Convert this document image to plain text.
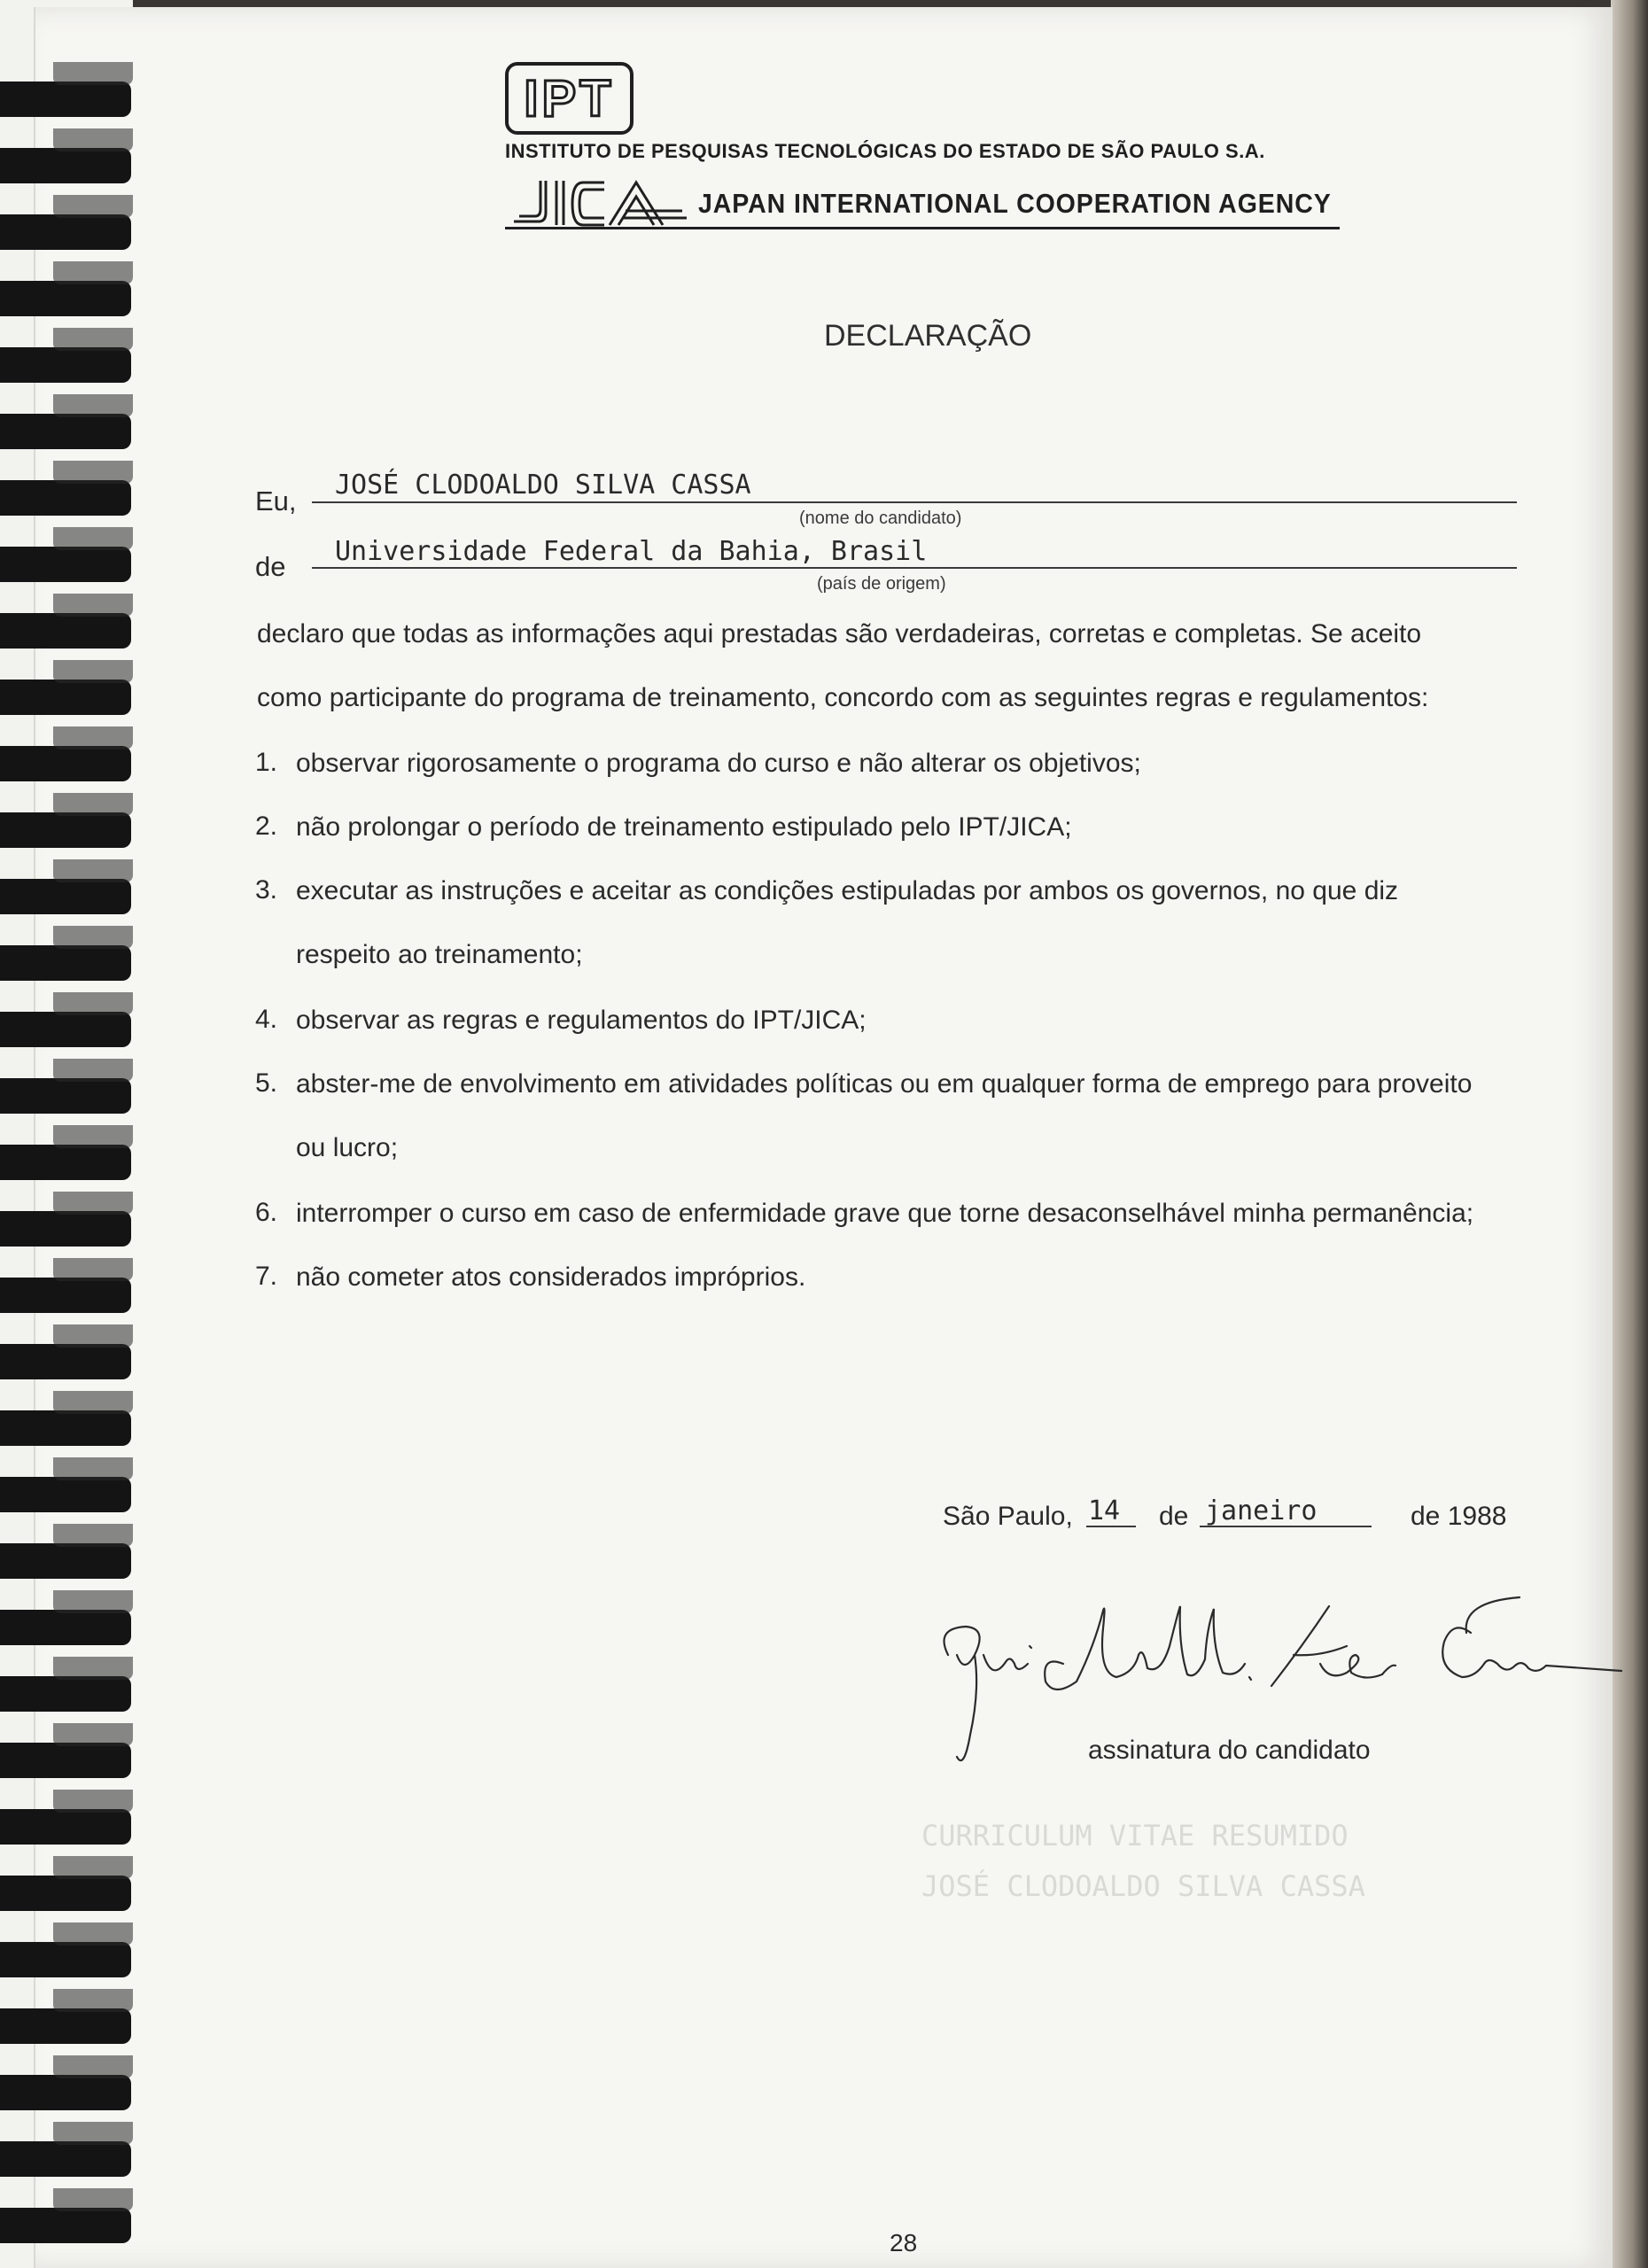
IPT
INSTITUTO DE PESQUISAS TECNOLÓGICAS DO ESTADO DE SÃO PAULO S.A.
JAPAN INTERNATIONAL COOPERATION AGENCY
DECLARAÇÃO
Eu,
JOSÉ CLODOALDO SILVA CASSA
(nome do candidato)
de Universidade Federal da Bahia, Brasil
(país de origem)
declaro que todas as informações aqui prestadas são verdadeiras, corretas e completas. Se aceito
como participante do programa de treinamento, concordo com as seguintes regras e regulamentos:
1. observar rigorosamente o programa do curso e não alterar os objetivos;
2. não prolongar o período de treinamento estipulado pelo IPT/JICA;
3. executar as instruções e aceitar as condições estipuladas por ambos os governos, no que diz
respeito ao treinamento;
4. observar as regras e regulamentos do IPT/JICA;
5. abster-me de envolvimento em atividades políticas ou em qualquer forma de emprego para proveito
ou lucro;
6. interromper o curso em caso de enfermidade grave que torne desaconselhável minha permanência;
7. não cometer atos considerados impróprios.
São Paulo, 14 de janeiro	de 1988
assinatura do candidato
CURRICULUM VITAE RESUMIDO
JOSÉ CLODOALDO SILVA CASSA
28
